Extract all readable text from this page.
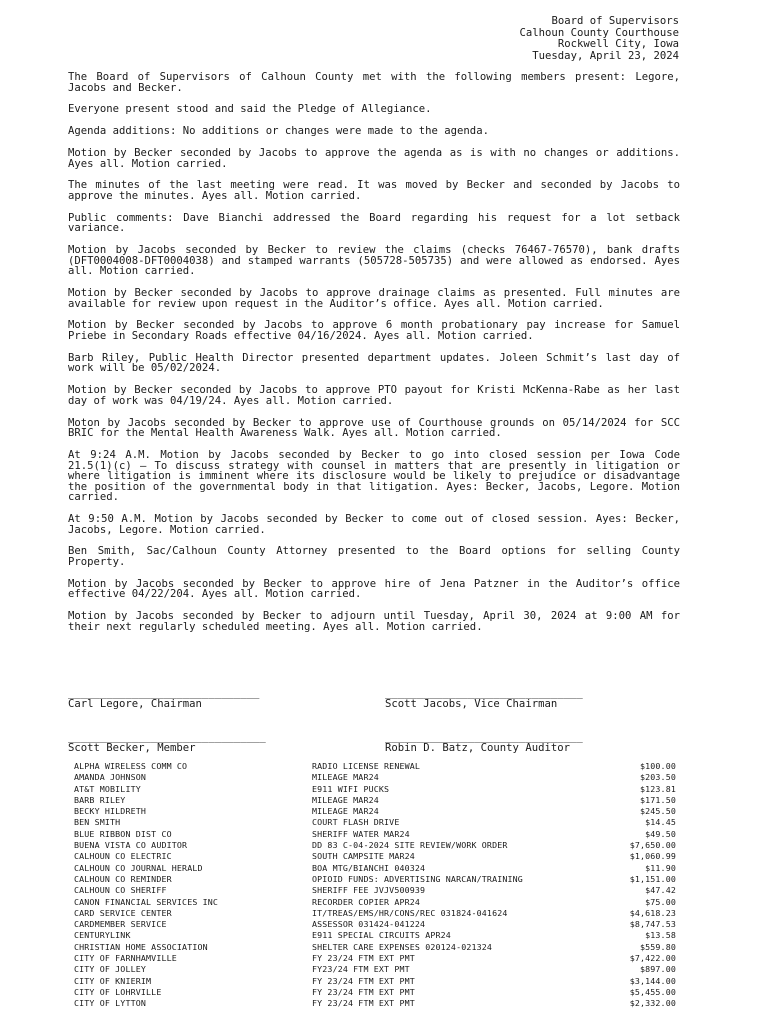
Board of Supervisors
Calhoun County Courthouse
Rockwell City, Iowa
Tuesday, April 23, 2024

The Board of Supervisors of Calhoun County met with the following members present: Legore, Jacobs and Becker.

Everyone present stood and said the Pledge of Allegiance.

Agenda additions: No additions or changes were made to the agenda.

Motion by Becker seconded by Jacobs to approve the agenda as is with no changes or additions. Ayes all. Motion carried.

The minutes of the last meeting were read. It was moved by Becker and seconded by Jacobs to approve the minutes. Ayes all. Motion carried.

Public comments: Dave Bianchi addressed the Board regarding his request for a lot setback variance.

Motion by Jacobs seconded by Becker to review the claims (checks 76467-76570), bank drafts (DFT0004008-DFT0004038) and stamped warrants (505728-505735) and were allowed as endorsed. Ayes all. Motion carried.

Motion by Becker seconded by Jacobs to approve drainage claims as presented. Full minutes are available for review upon request in the Auditor’s office. Ayes all. Motion carried.

Motion by Becker seconded by Jacobs to approve 6 month probationary pay increase for Samuel Priebe in Secondary Roads effective 04/16/2024. Ayes all. Motion carried.

Barb Riley, Public Health Director presented department updates. Joleen Schmit’s last day of work will be 05/02/2024.

Motion by Becker seconded by Jacobs to approve PTO payout for Kristi McKenna-Rabe as her last day of work was 04/19/24. Ayes all. Motion carried.

Moton by Jacobs seconded by Becker to approve use of Courthouse grounds on 05/14/2024 for SCC BRIC for the Mental Health Awareness Walk. Ayes all. Motion carried.

At 9:24 A.M. Motion by Jacobs seconded by Becker to go into closed session per Iowa Code 21.5(1)(c) – To discuss strategy with counsel in matters that are presently in litigation or where litigation is imminent where its disclosure would be likely to prejudice or disadvantage the position of the governmental body in that litigation. Ayes: Becker, Jacobs, Legore. Motion carried.

At 9:50 A.M. Motion by Jacobs seconded by Becker to come out of closed session. Ayes: Becker, Jacobs, Legore. Motion carried.

Ben Smith, Sac/Calhoun County Attorney presented to the Board options for selling County Property.

Motion by Jacobs seconded by Becker to approve hire of Jena Patzner in the Auditor’s office effective 04/22/204. Ayes all. Motion carried.

Motion by Jacobs seconded by Becker to adjourn until Tuesday, April 30, 2024 at 9:00 AM for their next regularly scheduled meeting. Ayes all. Motion carried.

______________________________
Carl Legore, Chairman
_______________________________
Scott Jacobs, Vice Chairman
_______________________________
Scott Becker, Member
_______________________________
Robin D. Batz, County Auditor
ALPHA WIRELESS COMM CO	RADIO LICENSE RENEWAL	$100.00
AMANDA JOHNSON	MILEAGE MAR24	$203.50
AT&T MOBILITY	E911 WIFI PUCKS	$123.81
BARB RILEY	MILEAGE MAR24	$171.50
BECKY HILDRETH	MILEAGE MAR24	$245.50
BEN SMITH	COURT FLASH DRIVE	$14.45
BLUE RIBBON DIST CO	SHERIFF WATER MAR24	$49.50
BUENA VISTA CO AUDITOR	DD 83 C-04-2024 SITE REVIEW/WORK ORDER	$7,650.00
CALHOUN CO ELECTRIC	SOUTH CAMPSITE MAR24	$1,060.99
CALHOUN CO JOURNAL HERALD	BOA MTG/BIANCHI 040324	$11.90
CALHOUN CO REMINDER	OPIOID FUNDS: ADVERTISING NARCAN/TRAINING	$1,151.00
CALHOUN CO SHERIFF	SHERIFF FEE JVJV500939	$47.42
CANON FINANCIAL SERVICES INC	RECORDER COPIER APR24	$75.00
CARD SERVICE CENTER	IT/TREAS/EMS/HR/CONS/REC 031824-041624	$4,618.23
CARDMEMBER SERVICE	ASSESSOR 031424-041224	$8,747.53
CENTURYLINK	E911 SPECIAL CIRCUITS APR24	$13.58
CHRISTIAN HOME ASSOCIATION	SHELTER CARE EXPENSES 020124-021324	$559.80
CITY OF FARNHAMVILLE	FY 23/24 FTM EXT PMT	$7,422.00
CITY OF JOLLEY	FY23/24 FTM EXT PMT	$897.00
CITY OF KNIERIM	FY 23/24 FTM EXT PMT	$3,144.00
CITY OF LOHRVILLE	FY 23/24 FTM EXT PMT	$5,455.00
CITY OF LYTTON	FY 23/24 FTM EXT PMT	$2,332.00
